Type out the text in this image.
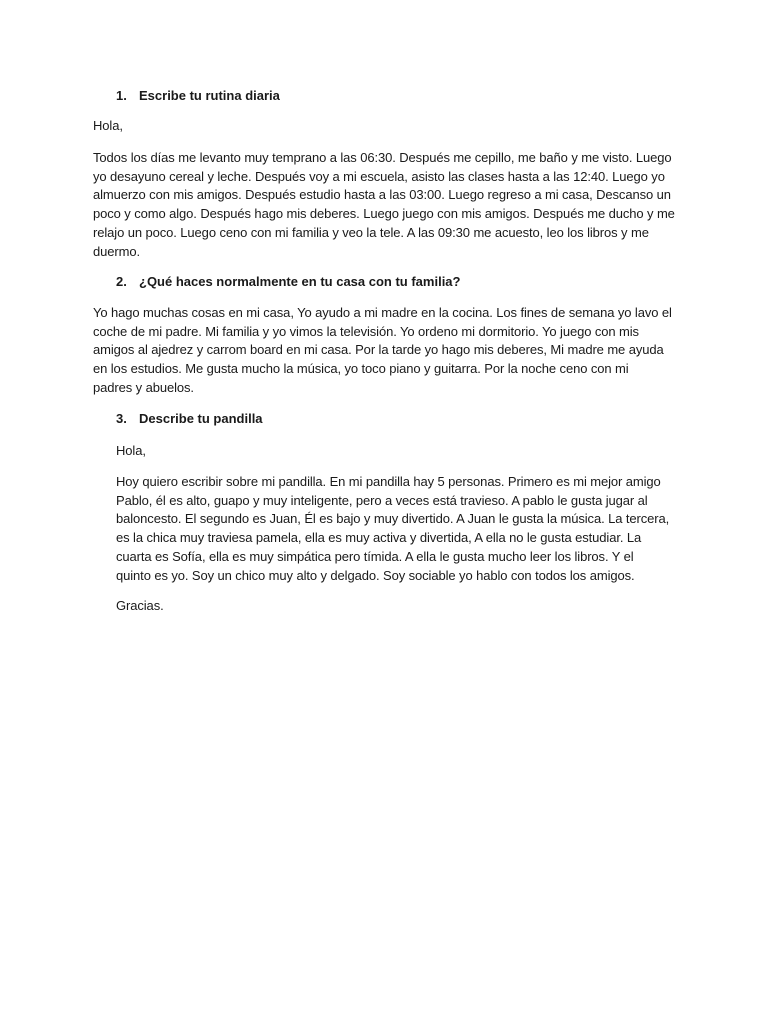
1. Escribe tu rutina diaria
Hola,
Todos los días me levanto muy temprano a las 06:30. Después me cepillo, me baño y me visto. Luego
yo desayuno cereal y leche. Después voy a mi escuela, asisto las clases hasta a las 12:40. Luego yo
almuerzo con mis amigos. Después estudio hasta a las 03:00. Luego regreso a mi casa, Descanso un
poco y como algo. Después hago mis deberes. Luego juego con mis amigos. Después me ducho y me
relajo un poco. Luego ceno con mi familia y veo la tele. A las 09:30 me acuesto, leo los libros y me
duermo.
2. ¿Qué haces normalmente en tu casa con tu familia?
Yo hago muchas cosas en mi casa, Yo ayudo a mi madre en la cocina. Los fines de semana yo lavo el
coche de mi padre. Mi familia y yo vimos la televisión. Yo ordeno mi dormitorio. Yo juego con mis
amigos al ajedrez y carrom board en mi casa. Por la tarde yo hago mis deberes, Mi madre me ayuda
en los estudios. Me gusta mucho la música, yo toco piano y guitarra. Por la noche ceno con mi
padres y abuelos.
3. Describe tu pandilla
Hola,
Hoy quiero escribir sobre mi pandilla. En mi pandilla hay 5 personas. Primero es mi mejor amigo
Pablo, él es alto, guapo y muy inteligente, pero a veces está travieso. A pablo le gusta jugar al
baloncesto. El segundo es Juan, Él es bajo y muy divertido. A Juan le gusta la música. La tercera,
es la chica muy traviesa pamela, ella es muy activa y divertida, A ella no le gusta estudiar. La
cuarta es Sofía, ella es muy simpática pero tímida. A ella le gusta mucho leer los libros. Y el
quinto es yo. Soy un chico muy alto y delgado. Soy sociable yo hablo con todos los amigos.
Gracias.
